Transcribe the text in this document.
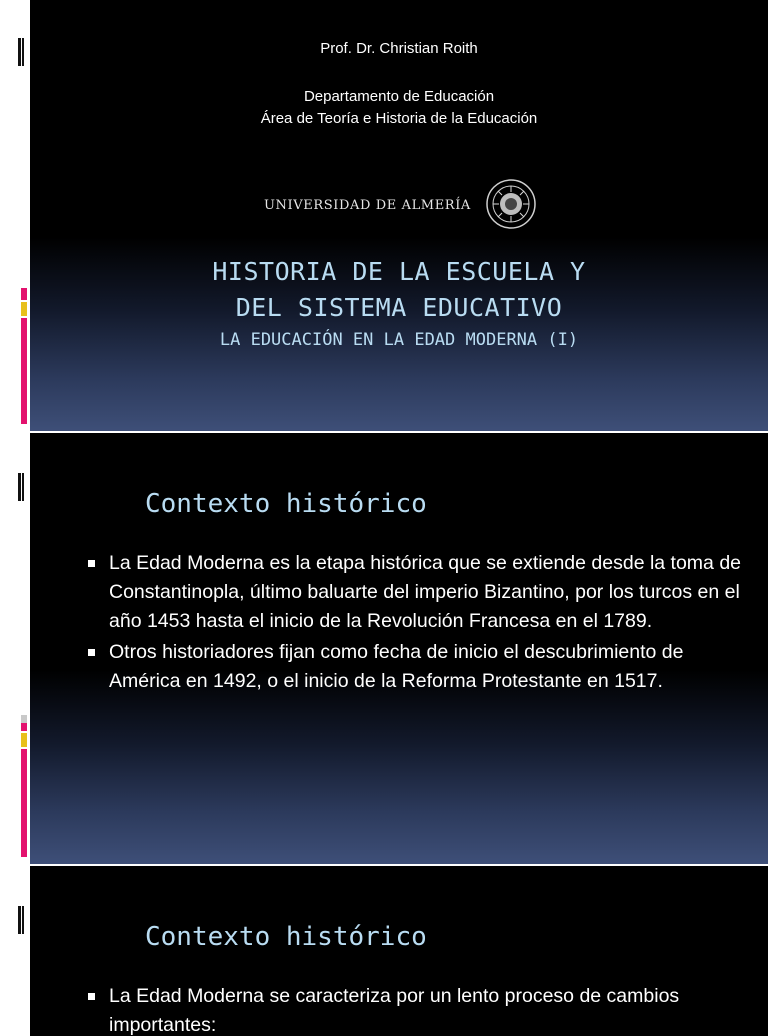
Prof. Dr. Christian Roith
Departamento de Educación
Área de Teoría e Historia de la Educación
UNIVERSIDAD DE ALMERÍA
HISTORIA DE LA ESCUELA Y
DEL SISTEMA EDUCATIVO
LA EDUCACIÓN EN LA EDAD MODERNA (I)
Contexto histórico
La Edad Moderna es la etapa histórica que se extiende desde la toma de Constantinopla, último baluarte del imperio Bizantino, por los turcos en el año 1453 hasta el inicio de la Revolución Francesa en el 1789.
Otros historiadores fijan como fecha de inicio el descubrimiento de América en 1492, o el inicio de la Reforma Protestante en 1517.
Contexto histórico
La Edad Moderna se caracteriza por un lento proceso de cambios importantes:
